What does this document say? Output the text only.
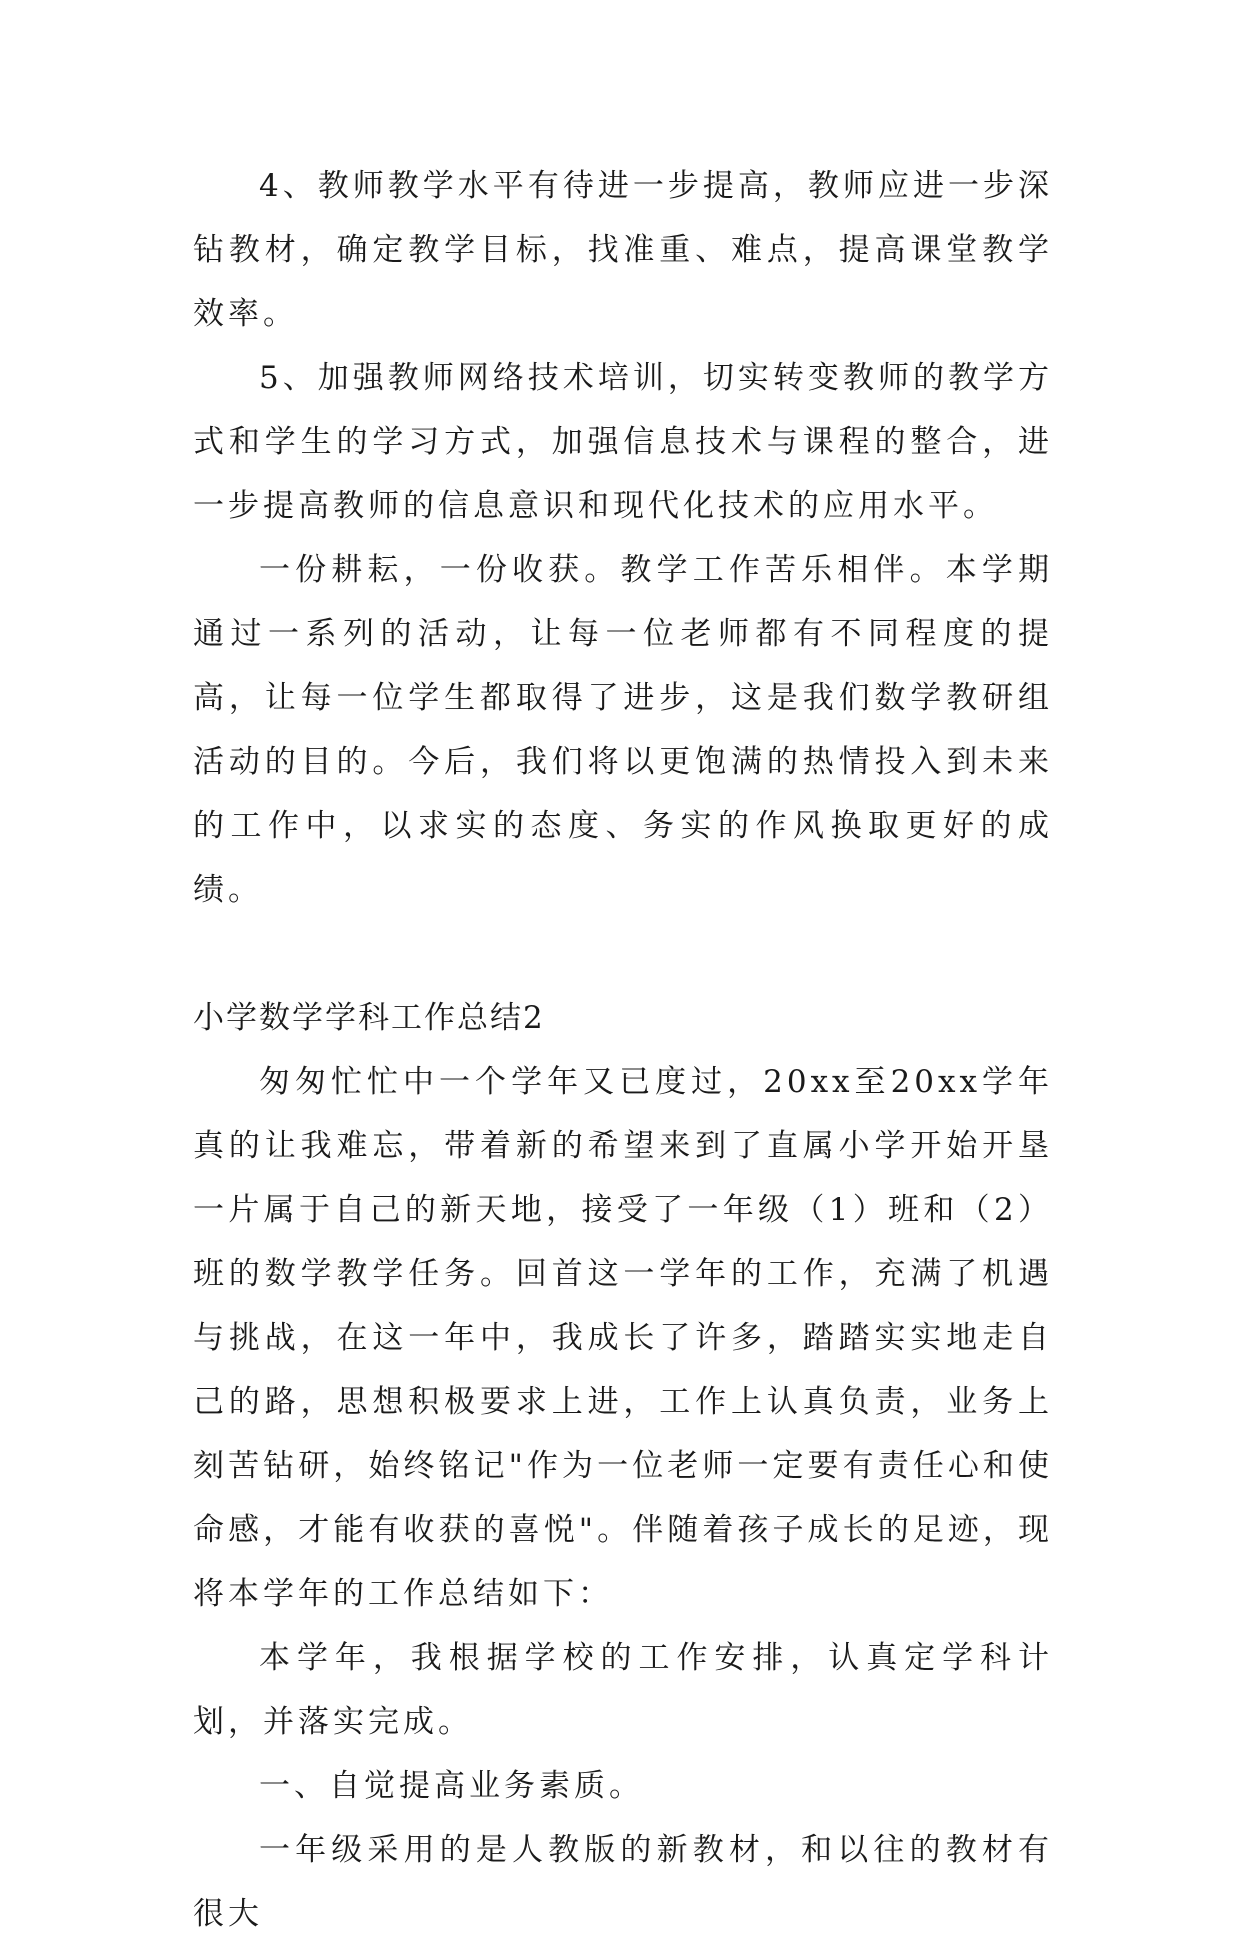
4、教师教学水平有待进一步提高，教师应进一步深钻教材，确定教学目标，找准重、难点，提高课堂教学效率。

5、加强教师网络技术培训，切实转变教师的教学方式和学生的学习方式，加强信息技术与课程的整合，进一步提高教师的信息意识和现代化技术的应用水平。

一份耕耘，一份收获。教学工作苦乐相伴。本学期通过一系列的活动，让每一位老师都有不同程度的提高，让每一位学生都取得了进步，这是我们数学教研组活动的目的。今后，我们将以更饱满的热情投入到未来的工作中，以求实的态度、务实的作风换取更好的成绩。

小学数学学科工作总结2

匆匆忙忙中一个学年又已度过，20xx至20xx学年真的让我难忘，带着新的希望来到了直属小学开始开垦一片属于自己的新天地，接受了一年级（1）班和（2）班的数学教学任务。回首这一学年的工作，充满了机遇与挑战，在这一年中，我成长了许多，踏踏实实地走自己的路，思想积极要求上进，工作上认真负责，业务上刻苦钻研，始终铭记"作为一位老师一定要有责任心和使命感，才能有收获的喜悦"。伴随着孩子成长的足迹，现将本学年的工作总结如下：

本学年，我根据学校的工作安排，认真定学科计划，并落实完成。

一、自觉提高业务素质。

一年级采用的是人教版的新教材，和以往的教材有很大
